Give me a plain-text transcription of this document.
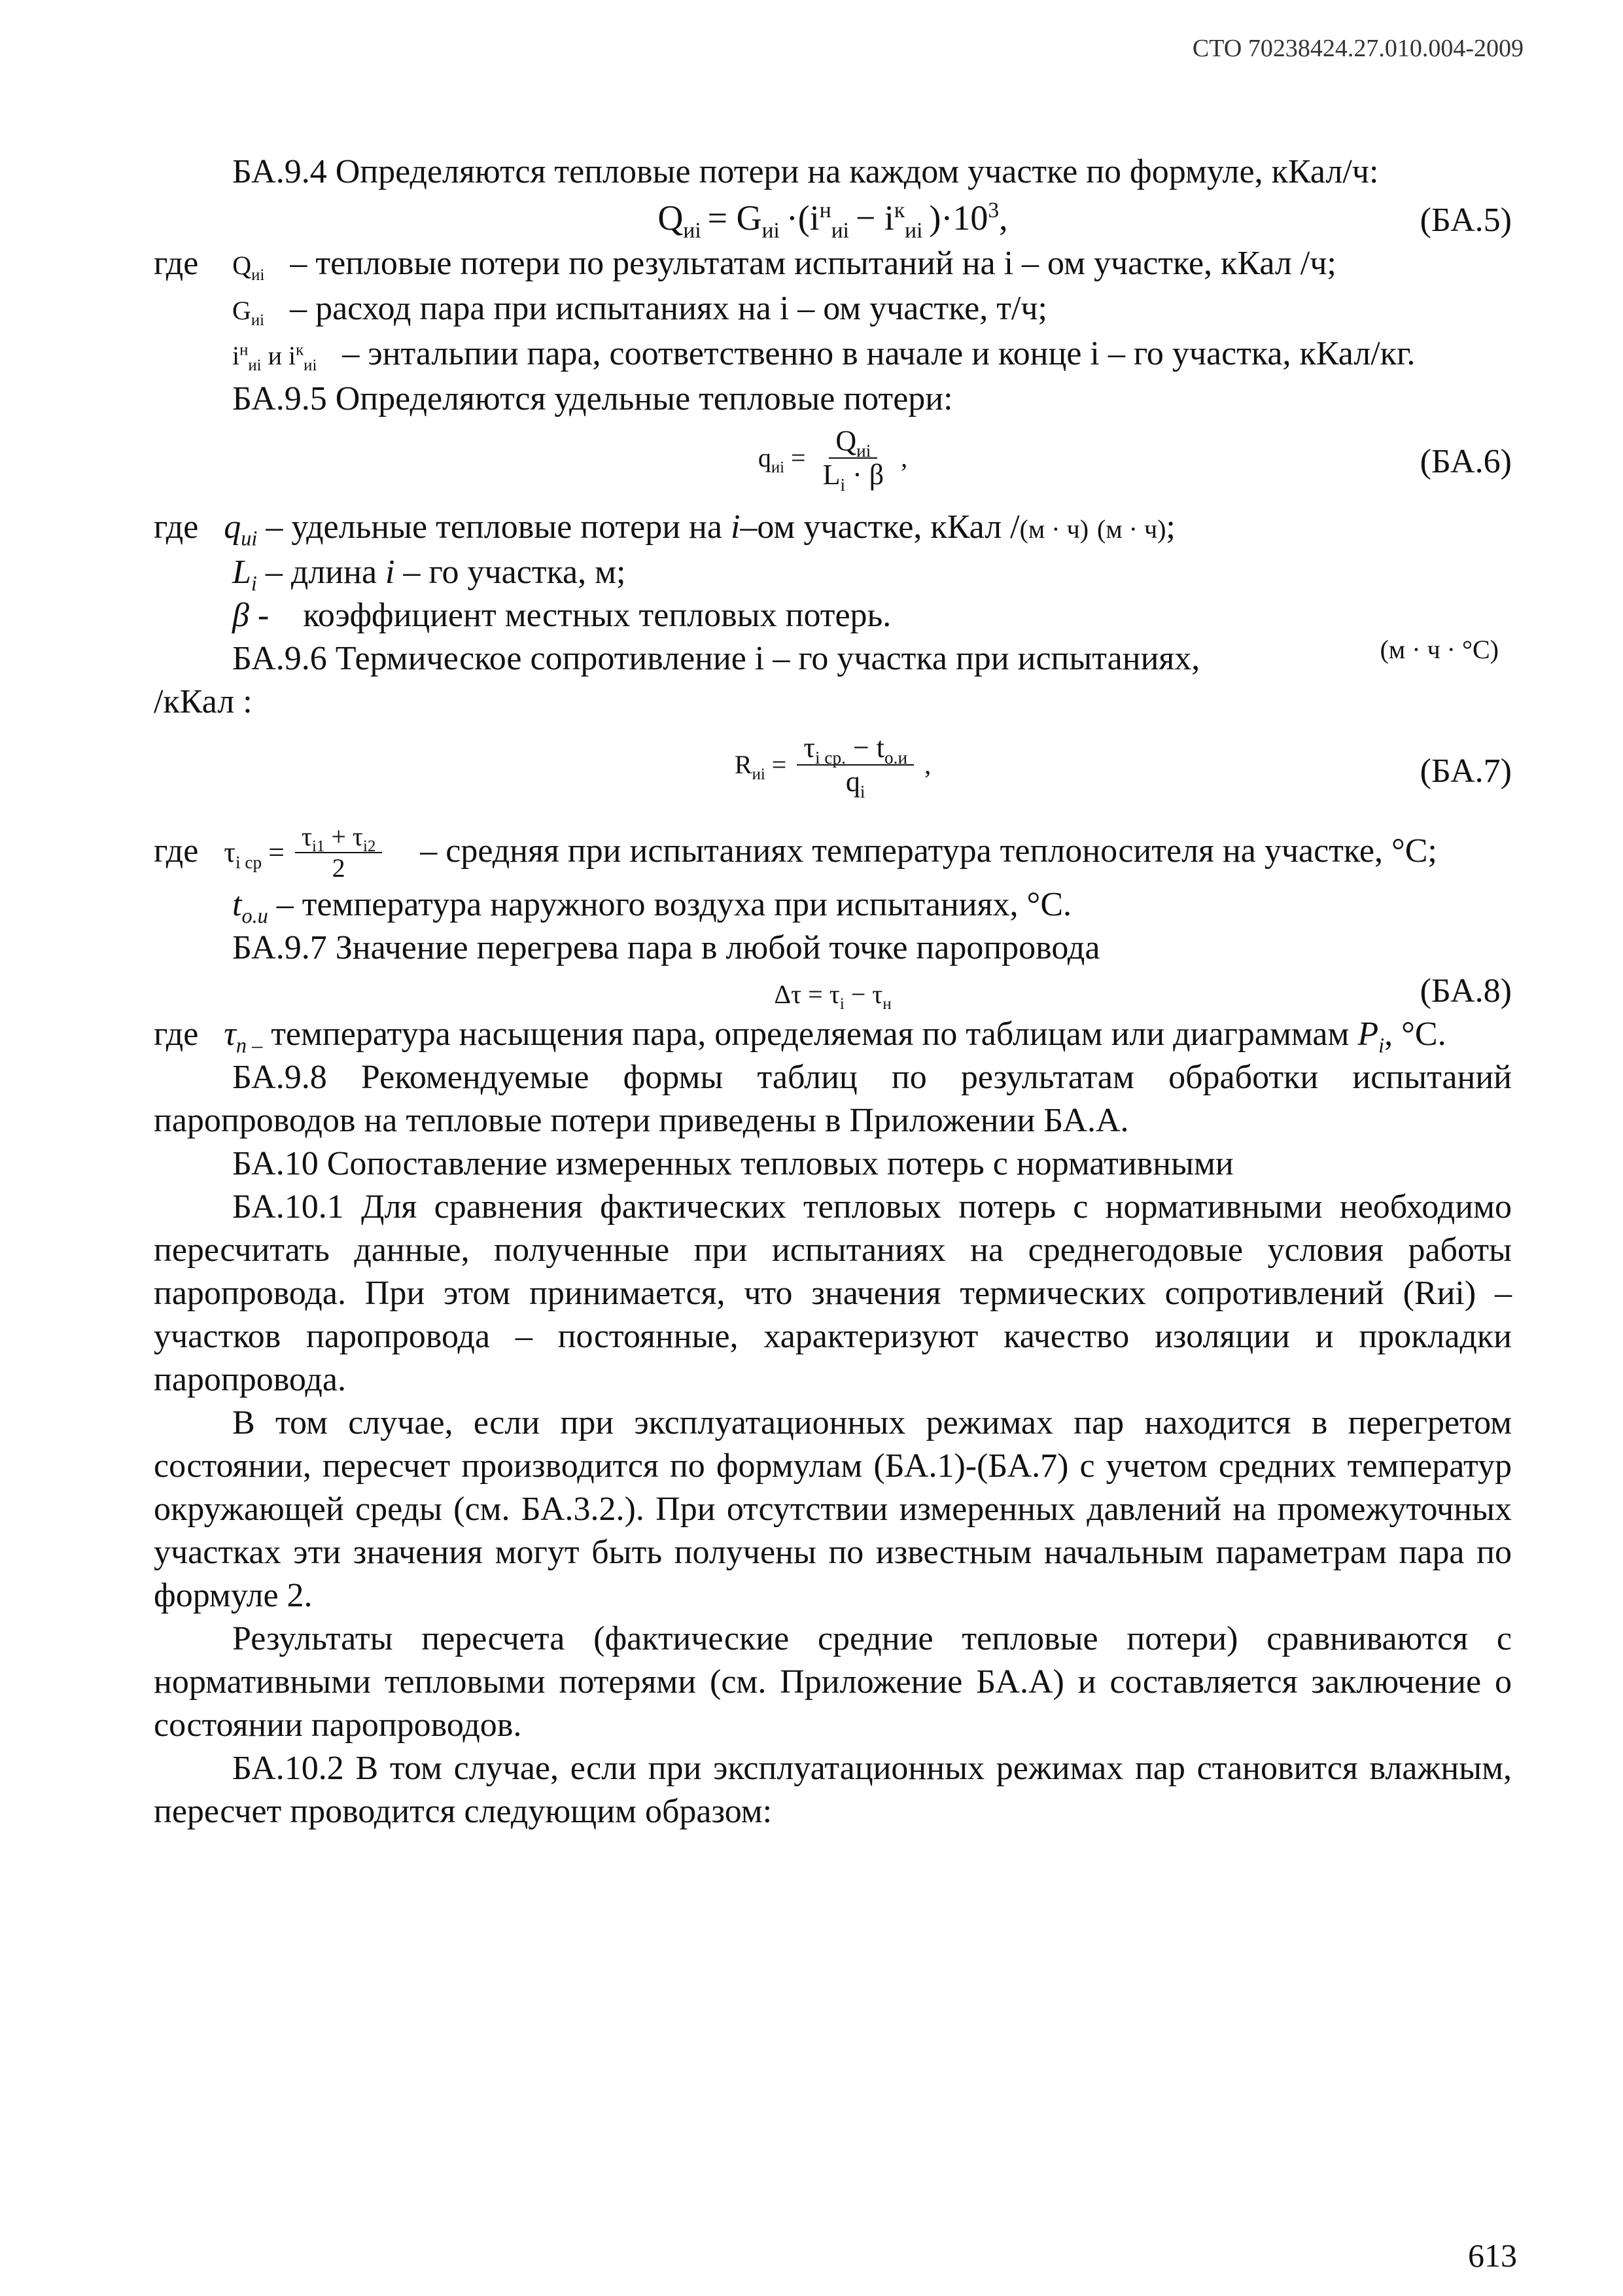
СТО 70238424.27.010.004-2009

БА.9.4 Определяются тепловые потери на каждом участке по формуле, кКал/ч:

$Q_{иi} = G_{иi} \cdot(i^н_{иi} - i^к_{иi}$ )$\cdot 10^3$,	(БА.5)

где $Q_{иi}$ – тепловые потери по результатам испытаний на i – ом участке, кКал /ч;

$G_{иi}$ – расход пара при испытаниях на i – ом участке, т/ч;

$i^н_{иi}$ и $i^к_{иi}$ – энтальпии пара, соответственно в начале и конце i – го участка, кКал/кг.

БА.9.5 Определяются удельные тепловые потери:

$q_{иi} = \frac{Q_{иi}}{L_i \cdot \beta}$ ,	(БА.6)

где $q_{иi}$ – удельные тепловые потери на i–ом участке, кКал /(м · ч) (м · ч);

$L_i$ – длина i – го участка, м;

β - коэффициент местных тепловых потерь.

БА.9.6 Термическое сопротивление i – го участка при испытаниях,	(м · ч · °С)

/кКал :

$R_{иi} = \frac{\tau_{i ср.} - t_{о.и}}{q_i}$ ,	(БА.7)

где $\tau_{i ср} = \frac{\tau_{i1} + \tau_{i2}}{2}$ – средняя при испытаниях температура теплоносителя на участке, °С;

$t_{о.и}$ – температура наружного воздуха при испытаниях, °С.

БА.9.7 Значение перегрева пара в любой точке паропровода

$\Delta\tau = \tau_i - \tau_н$	(БА.8)

где $\tau_{n -}$ температура насыщения пара, определяемая по таблицам или диаграммам $P_i$, °С.

БА.9.8 Рекомендуемые формы таблиц по результатам обработки испытаний паропроводов на тепловые потери приведены в Приложении БА.А.

БА.10 Сопоставление измеренных тепловых потерь с нормативными

БА.10.1 Для сравнения фактических тепловых потерь с нормативными необходимо пересчитать данные, полученные при испытаниях на среднегодовые условия работы паропровода. При этом принимается, что значения термических сопротивлений (Rиi) – участков паропровода – постоянные, характеризуют качество изоляции и прокладки паропровода.

В том случае, если при эксплуатационных режимах пар находится в перегретом состоянии, пересчет производится по формулам (БА.1)-(БА.7) с учетом средних температур окружающей среды (см. БА.3.2.). При отсутствии измеренных давлений на промежуточных участках эти значения могут быть получены по известным начальным параметрам пара по формуле 2.

Результаты пересчета (фактические средние тепловые потери) сравниваются с нормативными тепловыми потерями (см. Приложение БА.А) и составляется заключение о состоянии паропроводов.

БА.10.2 В том случае, если при эксплуатационных режимах пар становится влажным, пересчет проводится следующим образом:

613
